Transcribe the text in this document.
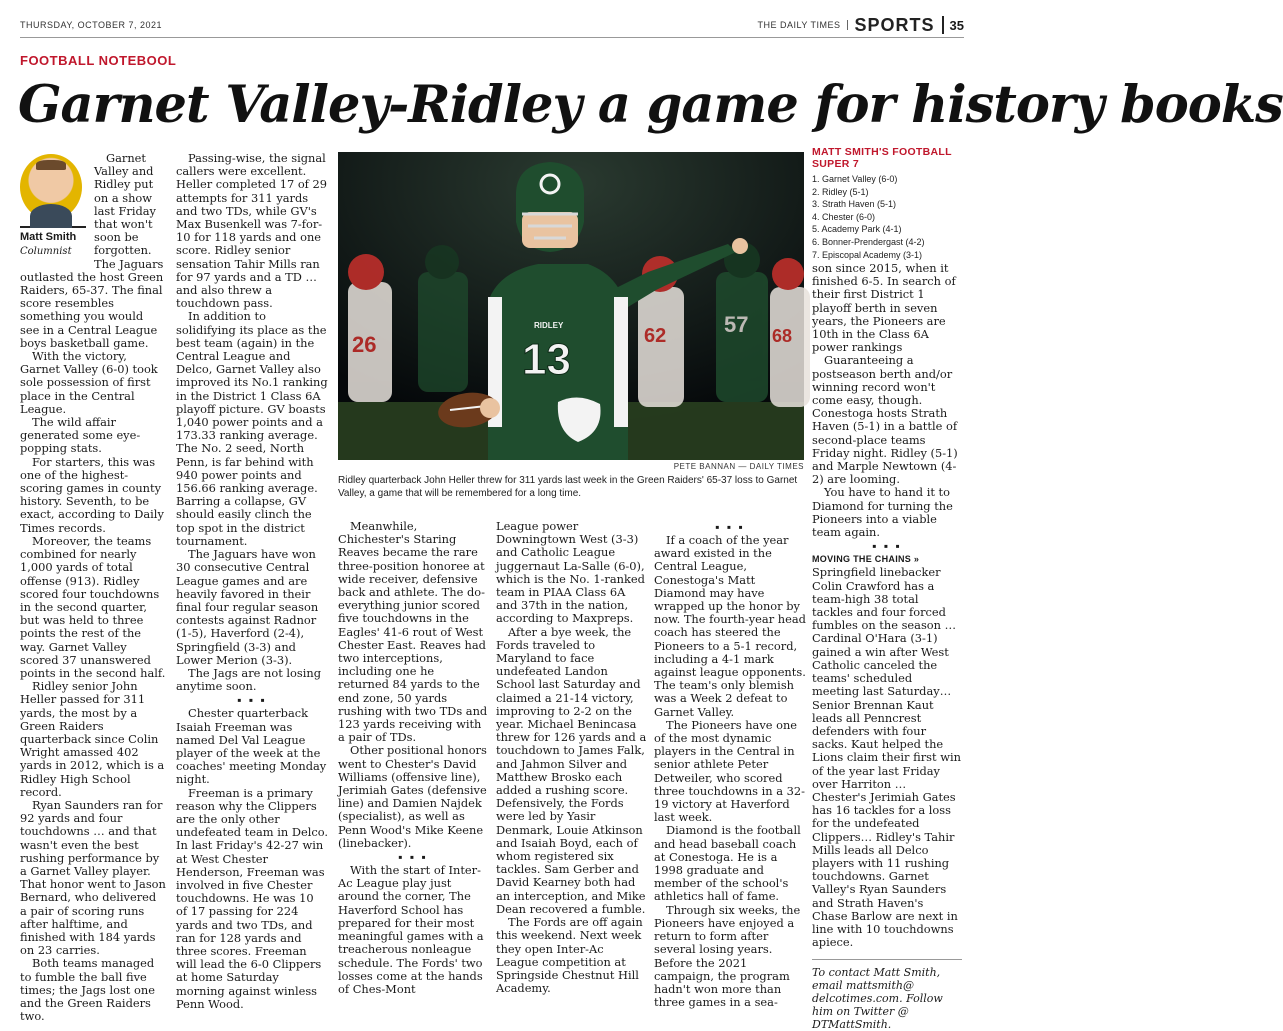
THURSDAY, OCTOBER 7, 2021	THE DAILY TIMES SPORTS	35
FOOTBALL NOTEBOOL
Garnet Valley-Ridley a game for history books
Matt Smith
Columnist

Garnet Valley and Ridley put on a show last Friday that won't soon be forgotten. The Jaguars outlasted the host Green Raiders, 65-37. The final score resembles something you would see in a Central League boys basketball game.

With the victory, Garnet Valley (6-0) took sole possession of first place in the Central League.

The wild affair generated some eye-popping stats.

For starters, this was one of the highest-scoring games in county history. Seventh, to be exact, according to Daily Times records.

Moreover, the teams combined for nearly 1,000 yards of total offense (913). Ridley scored four touchdowns in the second quarter, but was held to three points the rest of the way. Garnet Valley scored 37 unanswered points in the second half.

Ridley senior John Heller passed for 311 yards, the most by a Green Raiders quarterback since Colin Wright amassed 402 yards in 2012, which is a Ridley High School record.

Ryan Saunders ran for 92 yards and four touchdowns … and that wasn't even the best rushing performance by a Garnet Valley player. That honor went to Jason Bernard, who delivered a pair of scoring runs after halftime, and finished with 184 yards on 23 carries.

Both teams managed to fumble the ball five times; the Jags lost one and the Green Raiders two.

Passing-wise, the signal callers were excellent. Heller completed 17 of 29 attempts for 311 yards and two TDs, while GV's Max Busenkell was 7-for-10 for 118 yards and one score. Ridley senior sensation Tahir Mills ran for 97 yards and a TD … and also threw a touchdown pass.

In addition to solidifying its place as the best team (again) in the Central League and Delco, Garnet Valley also improved its No.1 ranking in the District 1 Class 6A playoff picture. GV boasts 1,040 power points and a 173.33 ranking average. The No. 2 seed, North Penn, is far behind with 940 power points and 156.66 ranking average. Barring a collapse, GV should easily clinch the top spot in the district tournament.

The Jaguars have won 30 consecutive Central League games and are heavily favored in their final four regular season contests against Radnor (1-5), Haverford (2-4), Springfield (3-3) and Lower Merion (3-3).

The Jags are not losing anytime soon.

▪ ▪ ▪

Chester quarterback Isaiah Freeman was named Del Val League player of the week at the coaches' meeting Monday night.

Freeman is a primary reason why the Clippers are the only other undefeated team in Delco. In last Friday's 42-27 win at West Chester Henderson, Freeman was involved in five Chester touchdowns. He was 10 of 17 passing for 224 yards and two TDs, and ran for 128 yards and three scores. Freeman will lead the 6-0 Clippers at home Saturday morning against winless Penn Wood.

26	62	57 68
RIDLEY
13
PETE BANNAN — DAILY TIMES
Ridley quarterback John Heller threw for 311 yards last week in the Green Raiders' 65-37 loss to Garnet Valley, a game that will be remembered for a long time.
MATT SMITH'S FOOTBALL SUPER 7
1. Garnet Valley (6-0)
2. Ridley (5-1)
3. Strath Haven (5-1)
4. Chester (6-0)
5. Academy Park (4-1)
6. Bonner-Prendergast (4-2)
7. Episcopal Academy (3-1)

Meanwhile, Chichester's Staring Reaves became the rare three-position honoree at wide receiver, defensive back and athlete. The do-everything junior scored five touchdowns in the Eagles' 41-6 rout of West Chester East. Reaves had two interceptions, including one he returned 84 yards to the end zone, 50 yards rushing with two TDs and 123 yards receiving with a pair of TDs.

Other positional honors went to Chester's David Williams (offensive line), Jerimiah Gates (defensive line) and Damien Najdek (specialist), as well as Penn Wood's Mike Keene (linebacker).

▪ ▪ ▪

With the start of Inter-Ac League play just around the corner, The Haverford School has prepared for their most meaningful games with a treacherous nonleague schedule. The Fords' two losses come at the hands of Ches-Mont

League power Downingtown West (3-3) and Catholic League juggernaut La-Salle (6-0), which is the No. 1-ranked team in PIAA Class 6A and 37th in the nation, according to Maxpreps.

After a bye week, the Fords traveled to Maryland to face undefeated Landon School last Saturday and claimed a 21-14 victory, improving to 2-2 on the year. Michael Benincasa threw for 126 yards and a touchdown to James Falk, and Jahmon Silver and Matthew Brosko each added a rushing score. Defensively, the Fords were led by Yasir Denmark, Louie Atkinson and Isaiah Boyd, each of whom registered six tackles. Sam Gerber and David Kearney both had an interception, and Mike Dean recovered a fumble.

The Fords are off again this weekend. Next week they open Inter-Ac League competition at Springside Chestnut Hill Academy.

▪ ▪ ▪

If a coach of the year award existed in the Central League, Conestoga's Matt Diamond may have wrapped up the honor by now. The fourth-year head coach has steered the Pioneers to a 5-1 record, including a 4-1 mark against league opponents. The team's only blemish was a Week 2 defeat to Garnet Valley.

The Pioneers have one of the most dynamic players in the Central in senior athlete Peter Detweiler, who scored three touchdowns in a 32-19 victory at Haverford last week.

Diamond is the football and head baseball coach at Conestoga. He is a 1998 graduate and member of the school's athletics hall of fame.

Through six weeks, the Pioneers have enjoyed a return to form after several losing years. Before the 2021 campaign, the program hadn't won more than three games in a sea-

son since 2015, when it finished 6-5. In search of their first District 1 playoff berth in seven years, the Pioneers are 10th in the Class 6A power rankings

Guaranteeing a postseason berth and/or winning record won't come easy, though. Conestoga hosts Strath Haven (5-1) in a battle of second-place teams Friday night. Ridley (5-1) and Marple Newtown (4-2) are looming.

You have to hand it to Diamond for turning the Pioneers into a viable team again.

▪ ▪ ▪
MOVING THE CHAINS »

Springfield linebacker Colin Crawford has a team-high 38 total tackles and four forced fumbles on the season … Cardinal O'Hara (3-1) gained a win after West Catholic canceled the teams' scheduled meeting last Saturday… Senior Brennan Kaut leads all Penncrest defenders with four sacks. Kaut helped the Lions claim their first win of the year last Friday over Harriton … Chester's Jerimiah Gates has 16 tackles for a loss for the undefeated Clippers… Ridley's Tahir Mills leads all Delco players with 11 rushing touchdowns. Garnet Valley's Ryan Saunders and Strath Haven's Chase Barlow are next in line with 10 touchdowns apiece.

To contact Matt Smith, email mattsmith@ delcotimes.com. Follow him on Twitter @ DTMattSmith.
